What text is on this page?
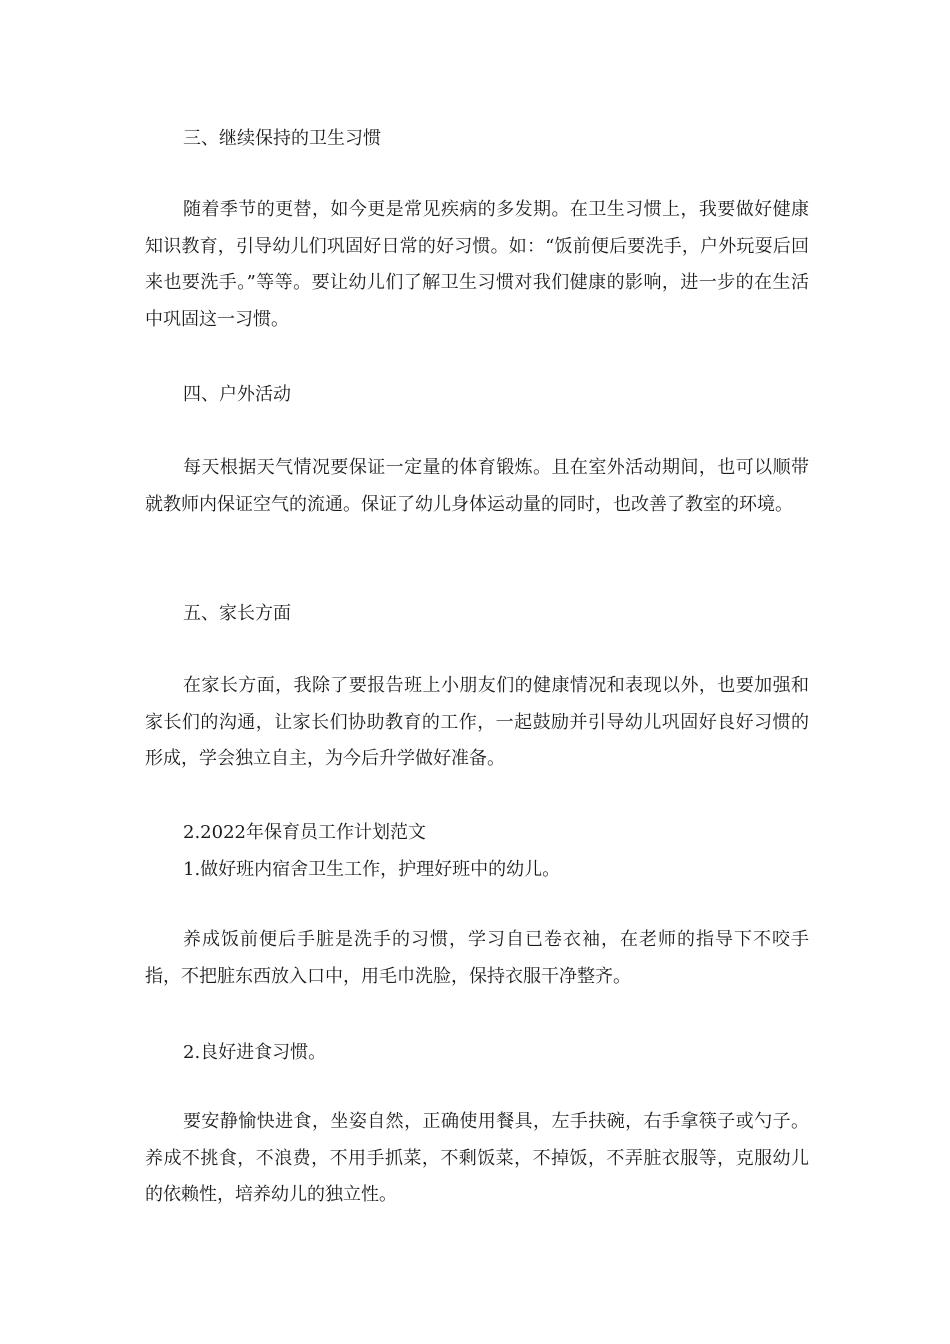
三、继续保持的卫生习惯
随着季节的更替，如今更是常见疾病的多发期。在卫生习惯上，我要做好健康知识教育，引导幼儿们巩固好日常的好习惯。如：“饭前便后要洗手，户外玩耍后回来也要洗手。”等等。要让幼儿们了解卫生习惯对我们健康的影响，进一步的在生活中巩固这一习惯。
四、户外活动
每天根据天气情况要保证一定量的体育锻炼。且在室外活动期间，也可以顺带就教师内保证空气的流通。保证了幼儿身体运动量的同时，也改善了教室的环境。
五、家长方面
在家长方面，我除了要报告班上小朋友们的健康情况和表现以外，也要加强和家长们的沟通，让家长们协助教育的工作，一起鼓励并引导幼儿巩固好良好习惯的形成，学会独立自主，为今后升学做好准备。
2.2022年保育员工作计划范文
1.做好班内宿舍卫生工作，护理好班中的幼儿。
养成饭前便后手脏是洗手的习惯，学习自已卷衣袖，在老师的指导下不咬手指，不把脏东西放入口中，用毛巾洗脸，保持衣服干净整齐。
2.良好进食习惯。
要安静愉快进食，坐姿自然，正确使用餐具，左手扶碗，右手拿筷子或勺子。养成不挑食，不浪费，不用手抓菜，不剩饭菜，不掉饭，不弄脏衣服等，克服幼儿的依赖性，培养幼儿的独立性。
